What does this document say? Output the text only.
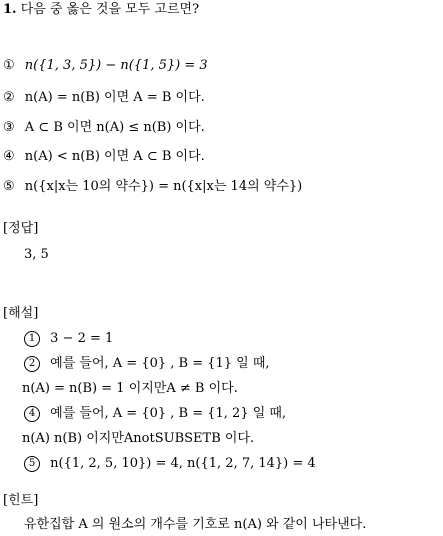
1. 다음 중 옳은 것을 모두 고르면?
① n({1, 3, 5}) − n({1, 5}) = 3
② n(A) = n(B) 이면 A = B 이다.
③ A ⊂ B 이면 n(A) ≤ n(B) 이다.
④ n(A) < n(B) 이면 A ⊂ B 이다.
⑤ n({x|x는 10의 약수}) = n({x|x는 14의 약수})
[정답]
3, 5
[해설]
1 3 − 2 = 1
2 예를 들어, A = {0} , B = {1} 일 때,
n(A) = n(B) = 1 이지만A ≠ B 이다.
4 예를 들어, A = {0} , B = {1, 2} 일 때,
n(A) n(B) 이지만AnotSUBSETB 이다.
5 n({1, 2, 5, 10}) = 4, n({1, 2, 7, 14}) = 4
[힌트]
유한집합 A 의 원소의 개수를 기호로 n(A) 와 같이 나타낸다.
